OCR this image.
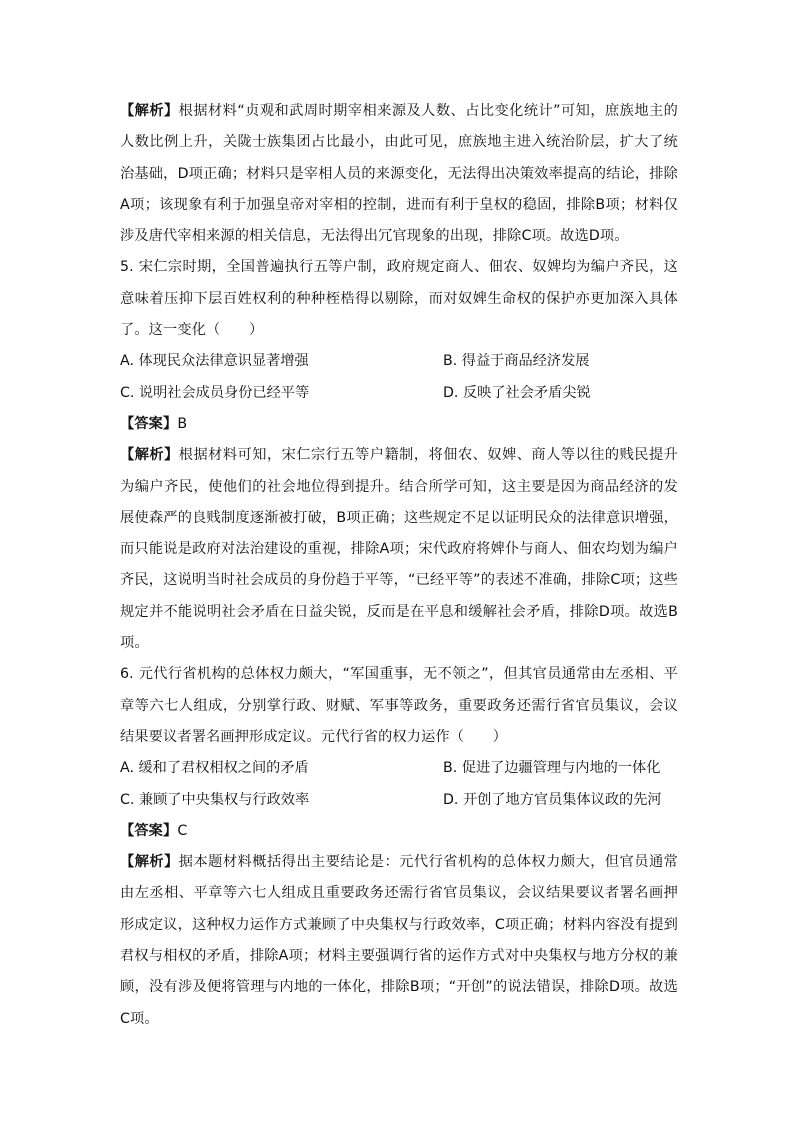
【解析】根据材料“贞观和武周时期宰相来源及人数、占比变化统计”可知，庶族地主的人数比例上升，关陇士族集团占比最小，由此可见，庶族地主进入统治阶层，扩大了统治基础，D项正确；材料只是宰相人员的来源变化，无法得出决策效率提高的结论，排除A项；该现象有利于加强皇帝对宰相的控制，进而有利于皇权的稳固，排除B项；材料仅涉及唐代宰相来源的相关信息，无法得出冗官现象的出现，排除C项。故选D项。

5. 宋仁宗时期，全国普遍执行五等户制，政府规定商人、佃农、奴婢均为编户齐民，这意味着压抑下层百姓权利的种种桎梏得以剔除，而对奴婢生命权的保护亦更加深入具体了。这一变化（　　）

A. 体现民众法律意识显著增强	B. 得益于商品经济发展
C. 说明社会成员身份已经平等	D. 反映了社会矛盾尖锐

【答案】B

【解析】根据材料可知，宋仁宗行五等户籍制，将佃农、奴婢、商人等以往的贱民提升为编户齐民，使他们的社会地位得到提升。结合所学可知，这主要是因为商品经济的发展使森严的良贱制度逐渐被打破，B项正确；这些规定不足以证明民众的法律意识增强，而只能说是政府对法治建设的重视，排除A项；宋代政府将婢仆与商人、佃农均划为编户齐民，这说明当时社会成员的身份趋于平等，“已经平等”的表述不准确，排除C项；这些规定并不能说明社会矛盾在日益尖锐，反而是在平息和缓解社会矛盾，排除D项。故选B项。

6. 元代行省机构的总体权力颇大，“军国重事，无不领之”，但其官员通常由左丞相、平章等六七人组成，分别掌行政、财赋、军事等政务，重要政务还需行省官员集议，会议结果要议者署名画押形成定议。元代行省的权力运作（　　）

A. 缓和了君权相权之间的矛盾	B. 促进了边疆管理与内地的一体化
C. 兼顾了中央集权与行政效率	D. 开创了地方官员集体议政的先河

【答案】C

【解析】据本题材料概括得出主要结论是：元代行省机构的总体权力颇大，但官员通常由左丞相、平章等六七人组成且重要政务还需行省官员集议，会议结果要议者署名画押形成定议，这种权力运作方式兼顾了中央集权与行政效率，C项正确；材料内容没有提到君权与相权的矛盾，排除A项；材料主要强调行省的运作方式对中央集权与地方分权的兼顾，没有涉及便将管理与内地的一体化，排除B项；“开创”的说法错误，排除D项。故选C项。
